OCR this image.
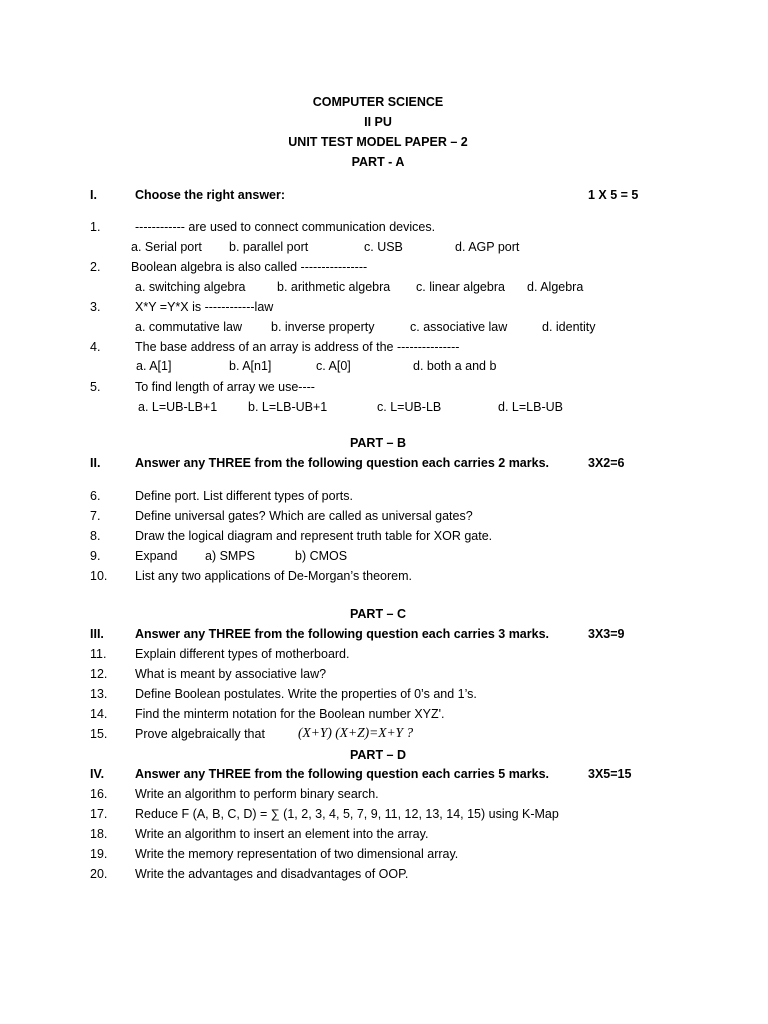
COMPUTER SCIENCE
II PU
UNIT TEST MODEL PAPER – 2
PART - A
I.	Choose the right answer:	1 X 5 = 5
1.	------------ are used to connect communication devices.
a. Serial port b. parallel port	c. USB	d. AGP port
2. Boolean algebra is also called ----------------
a. switching algebra	b. arithmetic algebra c. linear algebra d. Algebra
3.	X*Y =Y*X is ------------law
a. commutative law b. inverse property	c. associative law	d. identity
4.	The base address of an array is address of the ---------------
a. A[1]	b. A[n1]	c. A[0]	d. both a and b
5.	To find length of array we use----
a. L=UB-LB+1 b. L=LB-UB+1	c. L=UB-LB	d. L=LB-UB
PART – B
II.	Answer any THREE from the following question each carries 2 marks.	3X2=6
6.	Define port. List different types of ports.
7.	Define universal gates? Which are called as universal gates?
8.	Draw the logical diagram and represent truth table for XOR gate.
9.	Expand a) SMPS	b) CMOS
10. List any two applications of De-Morgan’s theorem.
PART – C
III. Answer any THREE from the following question each carries 3 marks.	3X3=9
11. Explain different types of motherboard.
12. What is meant by associative law?
13. Define Boolean postulates. Write the properties of 0’s and 1’s.
14. Find the minterm notation for the Boolean number XYZ'.
15. Prove algebraically that (X+Y) (X+Z)=X+Y ?
PART – D
IV. Answer any THREE from the following question each carries 5 marks.	3X5=15
16. Write an algorithm to perform binary search.
17. Reduce F (A, B, C, D) = ∑ (1, 2, 3, 4, 5, 7, 9, 11, 12, 13, 14, 15) using K-Map
18. Write an algorithm to insert an element into the array.
19. Write the memory representation of two dimensional array.
20. Write the advantages and disadvantages of OOP.
